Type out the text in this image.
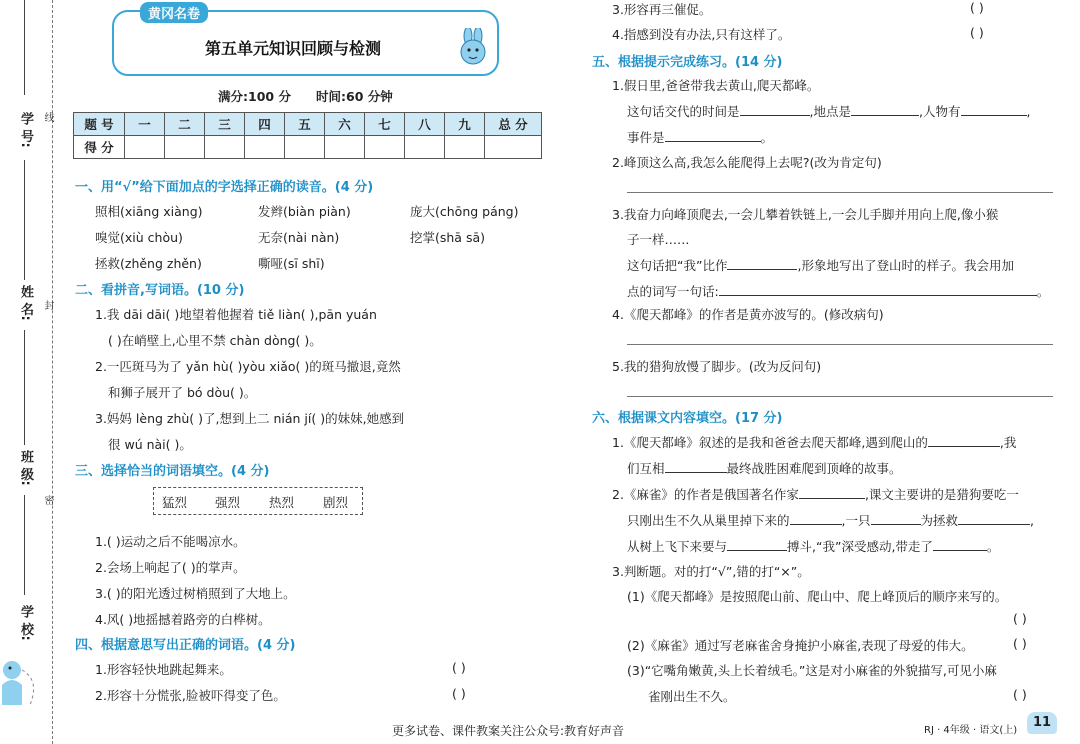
学 号:
姓 名:
班 级:
学 校:
线
封
密
黄冈名卷
第五单元知识回顾与检测
满分:100 分 时间:60 分钟
题 号	一	二	三	四	五	六	七	八	九	总 分
得 分										
一、用“√”给下面加点的字选择正确的读音。(4 分)
照相(xiāng xiàng)	发辫(biàn piàn)	庞大(chōng páng)
嗅觉(xiù chòu)	无奈(nài nàn)	挖掌(shā sā)
拯救(zhěng zhěn)	嘶哑(sī shī)
二、看拼音,写词语。(10 分)
1.我 dāi dāi( )地望着他握着 tiě liàn( ),pān yuán
( )在峭壁上,心里不禁 chàn dòng( )。
2.一匹斑马为了 yǎn hù( )yòu xiǎo( )的斑马撤退,竟然
和狮子展开了 bó dòu( )。
3.妈妈 lèng zhù( )了,想到上二 nián jí( )的妹妹,她感到
很 wú nài( )。
三、选择恰当的词语填空。(4 分)
猛烈 强烈 热烈 剧烈
1.( )运动之后不能喝凉水。
2.会场上响起了( )的掌声。
3.( )的阳光透过树梢照到了大地上。
4.风( )地摇撼着路旁的白桦树。
四、根据意思写出正确的词语。(4 分)
1.形容轻快地跳起舞来。	( )
2.形容十分慌张,脸被吓得变了色。	( )
3.形容再三催促。	( )
4.指感到没有办法,只有这样了。	( )
五、根据提示完成练习。(14 分)
1.假日里,爸爸带我去黄山,爬天都峰。
这句话交代的时间是	,地点是	,人物有	,
事件是	。
2.峰顶这么高,我怎么能爬得上去呢?(改为肯定句)
3.我奋力向峰顶爬去,一会儿攀着铁链上,一会儿手脚并用向上爬,像小猴
子一样……
这句话把“我”比作	,形象地写出了登山时的样子。我会用加
点的词写一句话:	。
4.《爬天都峰》的作者是黄亦波写的。(修改病句)
5.我的猎狗放慢了脚步。(改为反问句)
六、根据课文内容填空。(17 分)
1.《爬天都峰》叙述的是我和爸爸去爬天都峰,遇到爬山的	,我
们互相	最终战胜困难爬到顶峰的故事。
2.《麻雀》的作者是俄国著名作家	,课文主要讲的是猎狗要吃一
只刚出生不久从巢里掉下来的	,一只	为拯救	,
从树上飞下来要与	搏斗,“我”深受感动,带走了	。
3.判断题。对的打“√”,错的打“×”。
(1)《爬天都峰》是按照爬山前、爬山中、爬上峰顶后的顺序来写的。
( )
(2)《麻雀》通过写老麻雀舍身掩护小麻雀,表现了母爱的伟大。	( )
(3)“它嘴角嫩黄,头上长着绒毛。”这是对小麻雀的外貌描写,可见小麻
雀刚出生不久。	( )
更多试卷、课件教案关注公众号:教育好声音	RJ · 4年级 · 语文(上)
11
